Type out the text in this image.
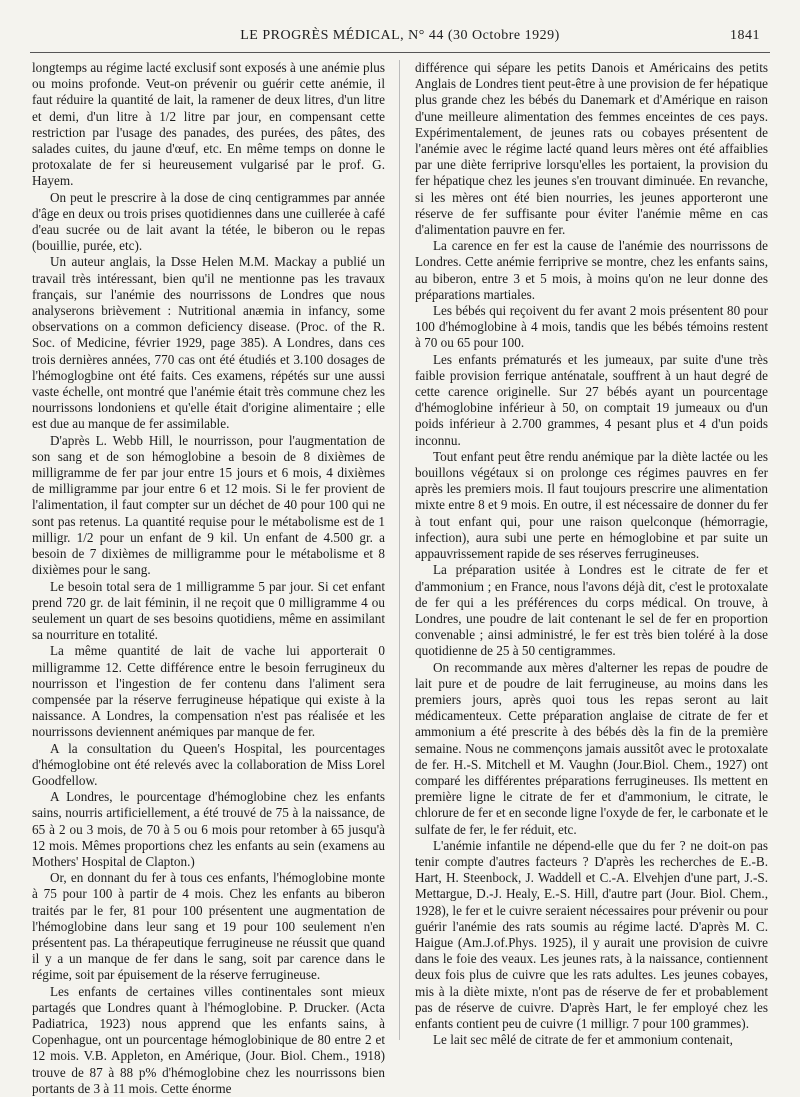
LE PROGRÈS MÉDICAL, N° 44 (30 Octobre 1929)	1841

longtemps au régime lacté exclusif sont exposés à une anémie plus ou moins profonde. Veut-on prévenir ou guérir cette anémie, il faut réduire la quantité de lait, la ramener de deux litres, d'un litre et demi, d'un litre à 1/2 litre par jour, en compensant cette restriction par l'usage des panades, des purées, des pâtes, des salades cuites, du jaune d'œuf, etc. En même temps on donne le protoxalate de fer si heureusement vulgarisé par le prof. G. Hayem.

On peut le prescrire à la dose de cinq centigrammes par année d'âge en deux ou trois prises quotidiennes dans une cuillerée à café d'eau sucrée ou de lait avant la tétée, le biberon ou le repas (bouillie, purée, etc).

Un auteur anglais, la Dsse Helen M.M. Mackay a publié un travail très intéressant, bien qu'il ne mentionne pas les travaux français, sur l'anémie des nourrissons de Londres que nous analyserons brièvement : Nutritional anæmia in infancy, some observations on a common deficiency disease. (Proc. of the R. Soc. of Medicine, février 1929, page 385). A Londres, dans ces trois dernières années, 770 cas ont été étudiés et 3.100 dosages de l'hémoglogbine ont été faits. Ces examens, répétés sur une aussi vaste échelle, ont montré que l'anémie était très commune chez les nourrissons londoniens et qu'elle était d'origine alimentaire ; elle est due au manque de fer assimilable.

D'après L. Webb Hill, le nourrisson, pour l'augmentation de son sang et de son hémoglobine a besoin de 8 dixièmes de milligramme de fer par jour entre 15 jours et 6 mois, 4 dixièmes de milligramme par jour entre 6 et 12 mois. Si le fer provient de l'alimentation, il faut compter sur un déchet de 40 pour 100 qui ne sont pas retenus. La quantité requise pour le métabolisme est de 1 milligr. 1/2 pour un enfant de 9 kil. Un enfant de 4.500 gr. a besoin de 7 dixièmes de milligramme pour le métabolisme et 8 dixièmes pour le sang.

Le besoin total sera de 1 milligramme 5 par jour. Si cet enfant prend 720 gr. de lait féminin, il ne reçoit que 0 milligramme 4 ou seulement un quart de ses besoins quotidiens, même en assimilant sa nourriture en totalité.

La même quantité de lait de vache lui apporterait 0 milligramme 12. Cette différence entre le besoin ferrugineux du nourrisson et l'ingestion de fer contenu dans l'aliment sera compensée par la réserve ferrugineuse hépatique qui existe à la naissance. A Londres, la compensation n'est pas réalisée et les nourrissons deviennent anémiques par manque de fer.

A la consultation du Queen's Hospital, les pourcentages d'hémoglobine ont été relevés avec la collaboration de Miss Lorel Goodfellow.

A Londres, le pourcentage d'hémoglobine chez les enfants sains, nourris artificiellement, a été trouvé de 75 à la naissance, de 65 à 2 ou 3 mois, de 70 à 5 ou 6 mois pour retomber à 65 jusqu'à 12 mois. Mêmes proportions chez les enfants au sein (examens au Mothers' Hospital de Clapton.)

Or, en donnant du fer à tous ces enfants, l'hémoglobine monte à 75 pour 100 à partir de 4 mois. Chez les enfants au biberon traités par le fer, 81 pour 100 présentent une augmentation de l'hémoglobine dans leur sang et 19 pour 100 seulement n'en présentent pas. La thérapeutique ferrugineuse ne réussit que quand il y a un manque de fer dans le sang, soit par carence dans le régime, soit par épuisement de la réserve ferrugineuse.

Les enfants de certaines villes continentales sont mieux partagés que Londres quant à l'hémoglobine. P. Drucker. (Acta Padiatrica, 1923) nous apprend que les enfants sains, à Copenhague, ont un pourcentage hémoglobinique de 80 entre 2 et 12 mois. V.B. Appleton, en Amérique, (Jour. Biol. Chem., 1918) trouve de 87 à 88 p% d'hémoglobine chez les nourrissons bien portants de 3 à 11 mois. Cette énorme

différence qui sépare les petits Danois et Américains des petits Anglais de Londres tient peut-être à une provision de fer hépatique plus grande chez les bébés du Danemark et d'Amérique en raison d'une meilleure alimentation des femmes enceintes de ces pays. Expérimentalement, de jeunes rats ou cobayes présentent de l'anémie avec le régime lacté quand leurs mères ont été affaiblies par une diète ferriprive lorsqu'elles les portaient, la provision du fer hépatique chez les jeunes s'en trouvant diminuée. En revanche, si les mères ont été bien nourries, les jeunes apporteront une réserve de fer suffisante pour éviter l'anémie même en cas d'alimentation pauvre en fer.

La carence en fer est la cause de l'anémie des nourrissons de Londres. Cette anémie ferriprive se montre, chez les enfants sains, au biberon, entre 3 et 5 mois, à moins qu'on ne leur donne des préparations martiales.

Les bébés qui reçoivent du fer avant 2 mois présentent 80 pour 100 d'hémoglobine à 4 mois, tandis que les bébés témoins restent à 70 ou 65 pour 100.

Les enfants prématurés et les jumeaux, par suite d'une très faible provision ferrique anténatale, souffrent à un haut degré de cette carence originelle. Sur 27 bébés ayant un pourcentage d'hémoglobine inférieur à 50, on comptait 19 jumeaux ou d'un poids inférieur à 2.700 grammes, 4 pesant plus et 4 d'un poids inconnu.

Tout enfant peut être rendu anémique par la diète lactée ou les bouillons végétaux si on prolonge ces régimes pauvres en fer après les premiers mois. Il faut toujours prescrire une alimentation mixte entre 8 et 9 mois. En outre, il est nécessaire de donner du fer à tout enfant qui, pour une raison quelconque (hémorragie, infection), aura subi une perte en hémoglobine et par suite un appauvrissement rapide de ses réserves ferrugineuses.

La préparation usitée à Londres est le citrate de fer et d'ammonium ; en France, nous l'avons déjà dit, c'est le protoxalate de fer qui a les préférences du corps médical. On trouve, à Londres, une poudre de lait contenant le sel de fer en proportion convenable ; ainsi administré, le fer est très bien toléré à la dose quotidienne de 25 à 50 centigrammes.

On recommande aux mères d'alterner les repas de poudre de lait pure et de poudre de lait ferrugineuse, au moins dans les premiers jours, après quoi tous les repas seront au lait médicamenteux. Cette préparation anglaise de citrate de fer et ammonium a été prescrite à des bébés dès la fin de la première semaine. Nous ne commençons jamais aussitôt avec le protoxalate de fer. H.-S. Mitchell et M. Vaughn (Jour.Biol. Chem., 1927) ont comparé les différentes préparations ferrugineuses. Ils mettent en première ligne le citrate de fer et d'ammonium, le citrate, le chlorure de fer et en seconde ligne l'oxyde de fer, le carbonate et le sulfate de fer, le fer réduit, etc.

L'anémie infantile ne dépend-elle que du fer ? ne doit-on pas tenir compte d'autres facteurs ? D'après les recherches de E.-B. Hart, H. Steenbock, J. Waddell et C.-A. Elvehjen d'une part, J.-S. Mettargue, D.-J. Healy, E.-S. Hill, d'autre part (Jour. Biol. Chem., 1928), le fer et le cuivre seraient nécessaires pour prévenir ou pour guérir l'anémie des rats soumis au régime lacté. D'après M. C. Haigue (Am.J.of.Phys. 1925), il y aurait une provision de cuivre dans le foie des veaux. Les jeunes rats, à la naissance, contiennent deux fois plus de cuivre que les rats adultes. Les jeunes cobayes, mis à la diète mixte, n'ont pas de réserve de fer et probablement pas de réserve de cuivre. D'après Hart, le fer employé chez les enfants contient peu de cuivre (1 milligr. 7 pour 100 grammes).

Le lait sec mêlé de citrate de fer et ammonium contenait,
